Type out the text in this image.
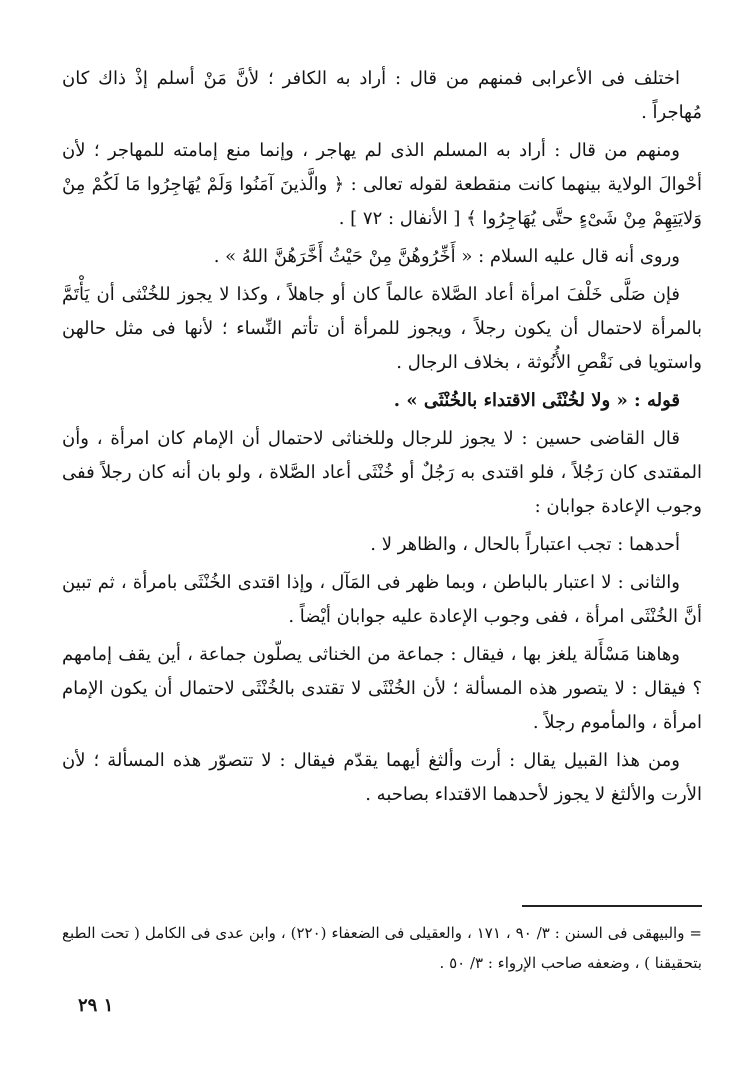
اختلف فى الأعرابى فمنهم من قال : أراد به الكافر ؛ لأنَّ مَنْ أسلم إذْ ذاك كان مُهاجراً .

ومنهم من قال : أراد به المسلم الذى لم يهاجر ، وإنما منع إمامته للمهاجر ؛ لأن أحْوالَ الولاية بينهما كانت منقطعة لقوله تعالى : ﴿ والَّذينَ آمَنُوا وَلَمْ يُهَاجِرُوا مَا لَكُمْ مِنْ وَلايَتِهِمْ مِنْ شَىْءٍ حتَّى يُهَاجِرُوا ﴾ [ الأنفال : ٧٢ ] .

وروى أنه قال عليه السلام : « أَخِّرُوهُنَّ مِنْ حَيْثُ أَخَّرَهُنَّ اللهُ » .

فإن صَلَّى خَلْفَ امرأة أعاد الصَّلاة عالماً كان أو جاهلاً ، وكذا لا يجوز للخُنْثى أن يَأْتَمَّ بالمرأة لاحتمال أن يكون رجلاً ، ويجوز للمرأة أن تأتم النِّساء ؛ لأنها فى مثل حالهن واستويا فى نَقْصِ الأُنُوثة ، بخلاف الرجال .

قوله : « ولا لخُنْثَى الاقتداء بالخُنْثَى » .

قال القاضى حسين : لا يجوز للرجال وللخناثى لاحتمال أن الإمام كان امرأة ، وأن المقتدى كان رَجُلاً ، فلو اقتدى به رَجُلٌ أو خُنْثَى أعاد الصَّلاة ، ولو بان أنه كان رجلاً ففى وجوب الإعادة جوابان :

أحدهما : تجب اعتباراً بالحال ، والظاهر لا .

والثانى : لا اعتبار بالباطن ، وبما ظهر فى المَآل ، وإذا اقتدى الخُنْثَى بامرأة ، ثم تبين أنَّ الخُنْثَى امرأة ، ففى وجوب الإعادة عليه جوابان أيْضاً .

وهاهنا مَسْأَلة يلغز بها ، فيقال : جماعة من الخناثى يصلّون جماعة ، أين يقف إمامهم ؟ فيقال : لا يتصور هذه المسألة ؛ لأن الخُنْثَى لا تقتدى بالخُنْثَى لاحتمال أن يكون الإمام امرأة ، والمأموم رجلاً .

ومن هذا القبيل يقال : أرت وألثغ أيهما يقدّم فيقال : لا تتصوّر هذه المسألة ؛ لأن الأرت والألثغ لا يجوز لأحدهما الاقتداء بصاحبه .

= والبيهقى فى السنن : ٣/ ٩٠ ، ١٧١ ، والعقيلى فى الضعفاء (٢٢٠) ، وابن عدى فى الكامل ( تحت الطبع بتحقيقنا ) ، وضعفه صاحب الإرواء : ٣/ ٥٠ .
١ ٢٩
